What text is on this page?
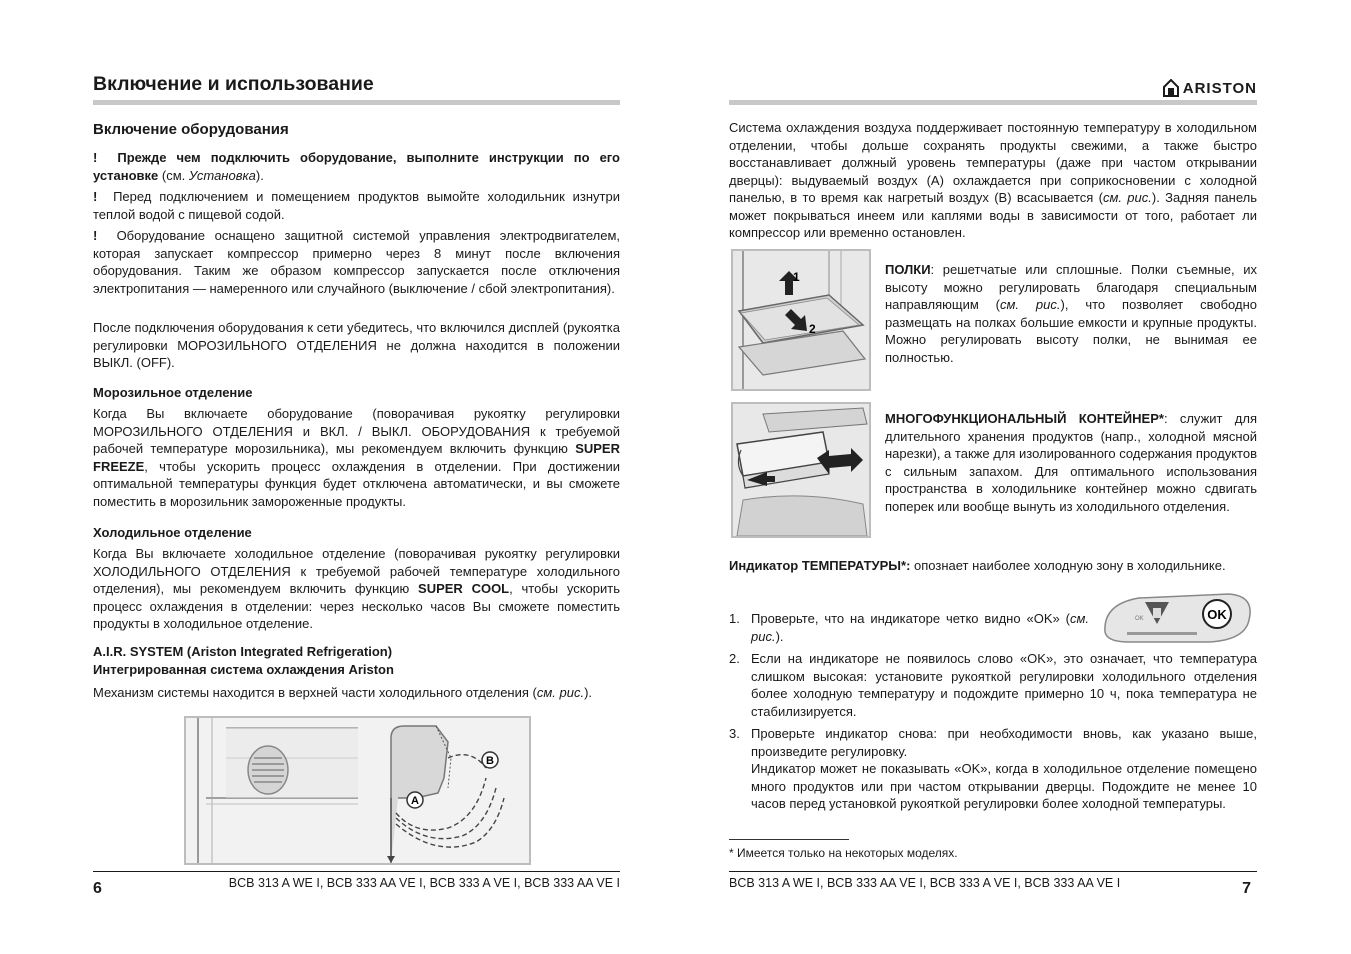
Включение и использование
Включение оборудования
! Прежде чем подключить оборудование, выполните инструкции по его установке (см. Установка).
! Перед подключением и помещением продуктов вымойте холодильник изнутри теплой водой с пищевой содой.
! Оборудование оснащено защитной системой управления электродвигателем, которая запускает компрессор примерно через 8 минут после включения оборудования. Таким же образом компрессор запускается после отключения электропитания — намеренного или случайного (выключение / сбой электропитания).
После подключения оборудования к сети убедитесь, что включился дисплей (рукоятка регулировки МОРОЗИЛЬНОГО ОТДЕЛЕНИЯ не должна находится в положении ВЫКЛ. (OFF).
Морозильное отделение
Когда Вы включаете оборудование (поворачивая рукоятку регулировки МОРОЗИЛЬНОГО ОТДЕЛЕНИЯ и ВКЛ. / ВЫКЛ. ОБОРУДОВАНИЯ к требуемой рабочей температуре морозильника), мы рекомендуем включить функцию SUPER FREEZE, чтобы ускорить процесс охлаждения в отделении. При достижении оптимальной температуры функция будет отключена автоматически, и вы сможете поместить в морозильник замороженные продукты.
Холодильное отделение
Когда Вы включаете холодильное отделение (поворачивая рукоятку регулировки ХОЛОДИЛЬНОГО ОТДЕЛЕНИЯ к требуемой рабочей температуре холодильного отделения), мы рекомендуем включить функцию SUPER COOL, чтобы ускорить процесс охлаждения в отделении: через несколько часов Вы сможете поместить продукты в холодильное отделение.
A.I.R. SYSTEM (Ariston Integrated Refrigeration)
Интегрированная система охлаждения Ariston
Механизм системы находится в верхней части холодильного отделения (см. рис.).
B
A
6	BCB 313 A WE I, BCB 333 AA VE I, BCB 333 A VE I, BCB 333 AA VE I
ARISTON
Система охлаждения воздуха поддерживает постоянную температуру в холодильном отделении, чтобы дольше сохранять продукты свежими, а также быстро восстанавливает должный уровень температуры (даже при частом открывании дверцы): выдуваемый воздух (А) охлаждается при соприкосновении с холодной панелью, в то время как нагретый воздух (B) всасывается (см. рис.). Задняя панель может покрываться инеем или каплями воды в зависимости от того, работает ли компрессор или временно остановлен.
1
2
ПОЛКИ: решетчатые или сплошные. Полки съемные, их высоту можно регулировать благодаря специальным направляющим (см. рис.), что позволяет свободно размещать на полках большие емкости и крупные продукты. Можно регулировать высоту полки, не вынимая ее полностью.
МНОГОФУНКЦИОНАЛЬНЫЙ КОНТЕЙНЕР*: служит для длительного хранения продуктов (напр., холодной мясной нарезки), а также для изолированного содержания продуктов с сильным запахом. Для оптимального использования пространства в холодильнике контейнер можно сдвигать поперек или вообще вынуть из холодильного отделения.
Индикатор ТЕМПЕРАТУРЫ*: опознает наиболее холодную зону в холодильнике.
OK	OK
1. Проверьте, что на индикаторе четко видно «OK» (см. рис.).
2. Если на индикаторе не появилось слово «OK», это означает, что температура слишком высокая: установите рукояткой регулировки холодильного отделения более холодную температуру и подождите примерно 10 ч, пока температура не стабилизируется.
3. Проверьте индикатор снова: при необходимости вновь, как указано выше, произведите регулировку.
Индикатор может не показывать «OK», когда в холодильное отделение помещено много продуктов или при частом открывании дверцы. Подождите не менее 10 часов перед установкой рукояткой регулировки более холодной температуры.
* Имеется только на некоторых моделях.
BCB 313 A WE I, BCB 333 AA VE I, BCB 333 A VE I, BCB 333 AA VE I	7
